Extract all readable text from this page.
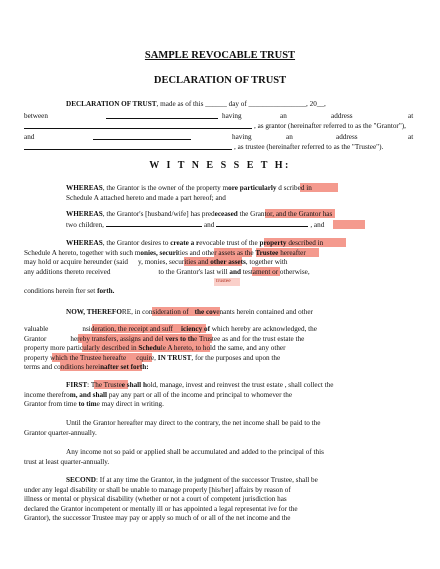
SAMPLE REVOCABLE TRUST
DECLARATION OF TRUST
DECLARATION OF TRUST, made as of this ______ day of ________________, 20__,
between	having	an	address	at
, as grantor (hereinafter referred to as the "Grantor"),
and	having	an	address	at
, as trustee (hereinafter referred to as the "Trustee").
W I T N E S S E T H:
WHEREAS, the Grantor is the owner of the property more particularly d scribed in
Schedule A attached hereto and made a part hereof; and
WHEREAS, the Grantor's [husband/wife] has predeceased the Grantor, and the Grantor has
two children,	and	, and
WHEREAS, the Grantor desires to create a revocable trust of the property described in
Schedule A hereto, together with such monies, securities and other assets as the Trustee hereafter
may hold or acquire hereunder (said y, monies, securities and other assets, together with
any additions thereto received	to the Grantor's last will and testament or otherwise,
trustee
conditions herein fter set forth.
NOW, THEREFORE, in consideration of the covenants herein contained and other
valuable	nsideration, the receipt and suff iciency of which hereby are acknowledged, the
Grantor	hereby transfers, assigns and del vers to the Trustee as and for the trust estate the
property more particularly described in Schedule A hereto, to hold the same, and any other
property which the Trustee hereafte cquire, IN TRUST, for the purposes and upon the
terms and conditions hereinafter set forth:
FIRST: The Trustee shall hold, manage, invest and reinvest the trust estate , shall collect the
income therefrom, and shall pay any part or all of the income and principal to whomever the
Grantor from time to time may direct in writing.
Until the Grantor hereafter may direct to the contrary, the net income shall be paid to the
Grantor quarter-annually.
Any income not so paid or applied shall be accumulated and added to the principal of this
trust at least quarter-annually.
SECOND: If at any time the Grantor, in the judgment of the successor Trustee, shall be
under any legal disability or shall be unable to manage properly [his/her] affairs by reason of
illness or mental or physical disability (whether or not a court of competent jurisdiction has
declared the Grantor incompetent or mentally ill or has appointed a legal representat ive for the
Grantor), the successor Trustee may pay or apply so much of or all of the net income and the
